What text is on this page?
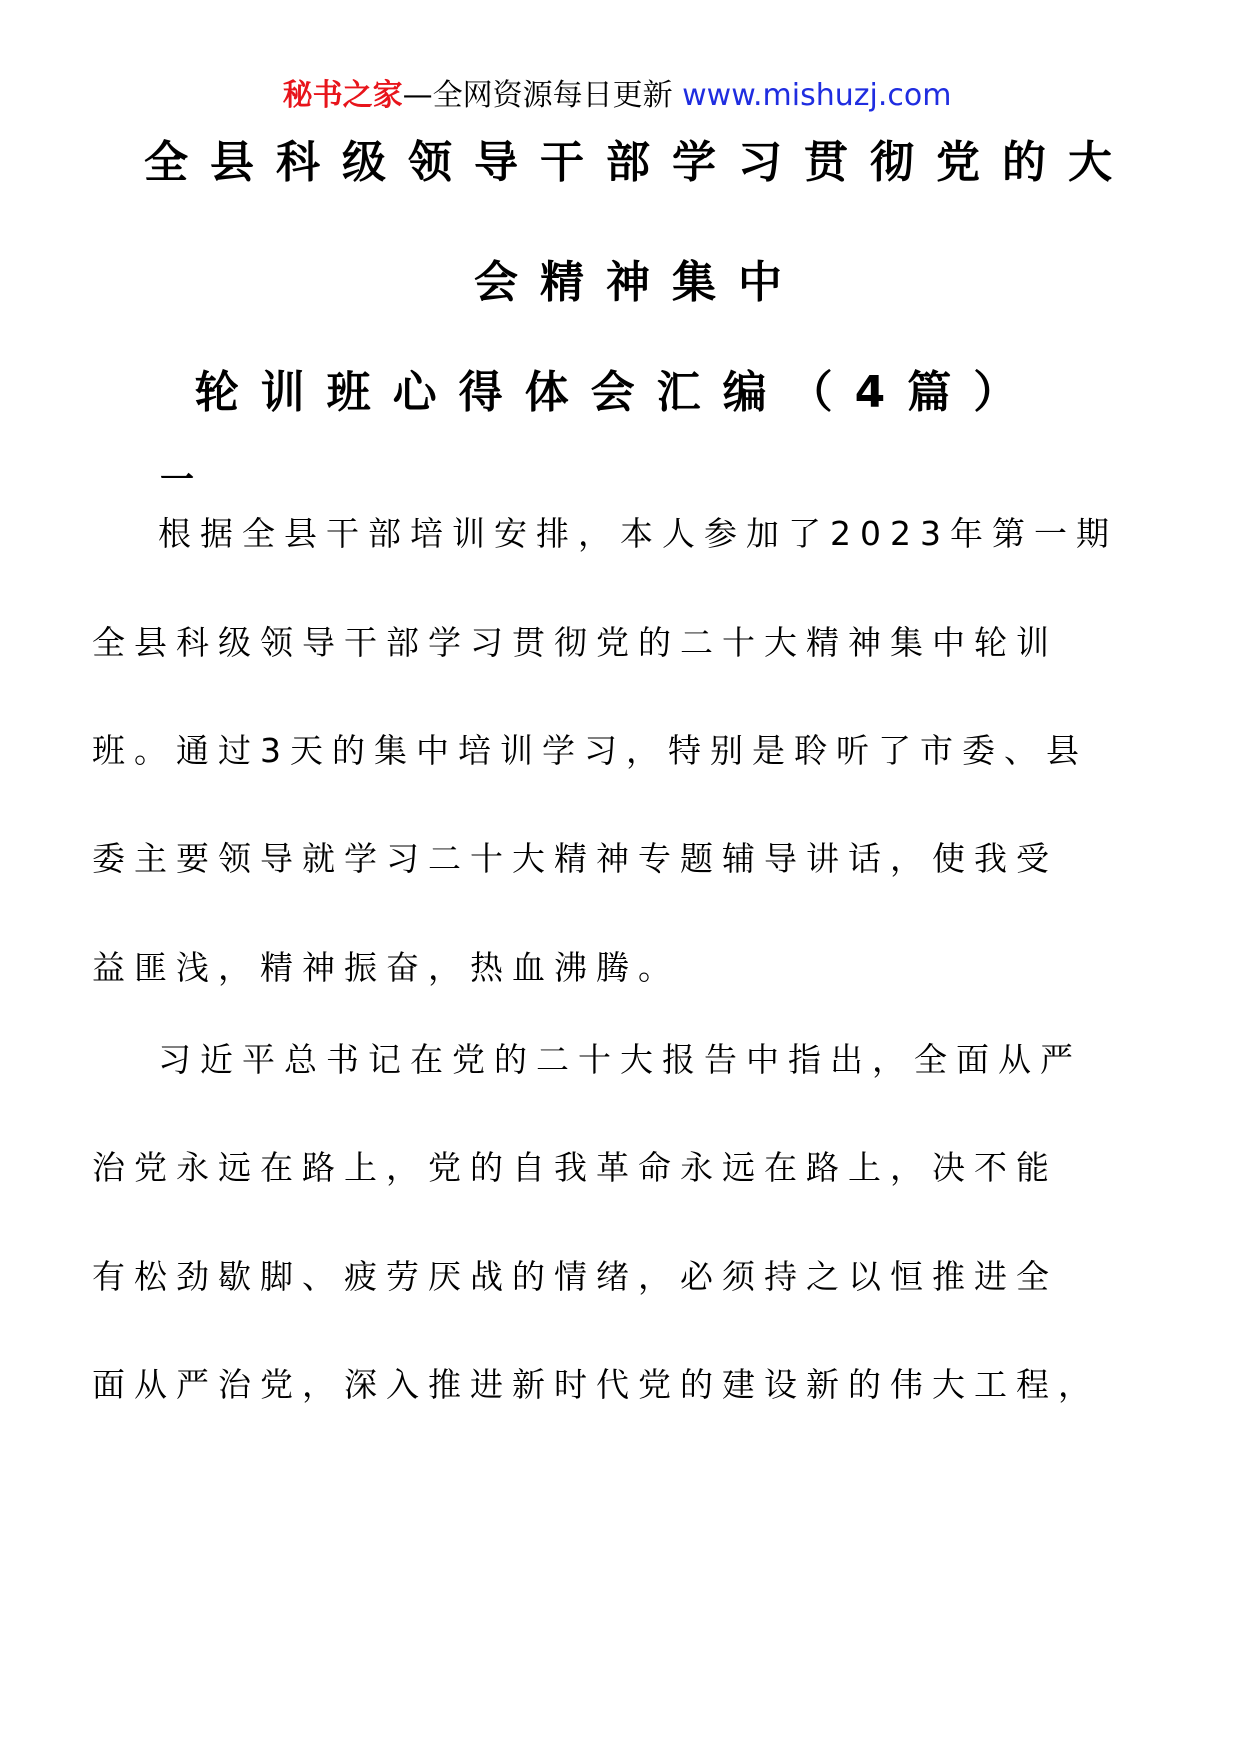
秘书之家—全网资源每日更新 www.mishuzj.com
全县科级领导干部学习贯彻党的大
会精神集中
轮训班心得体会汇编（4篇）
一
根据全县干部培训安排，本人参加了2023年第一期
全县科级领导干部学习贯彻党的二十大精神集中轮训
班。通过3天的集中培训学习，特别是聆听了市委、县
委主要领导就学习二十大精神专题辅导讲话，使我受
益匪浅，精神振奋，热血沸腾。
习近平总书记在党的二十大报告中指出，全面从严
治党永远在路上，党的自我革命永远在路上，决不能
有松劲歇脚、疲劳厌战的情绪，必须持之以恒推进全
面从严治党，深入推进新时代党的建设新的伟大工程，
